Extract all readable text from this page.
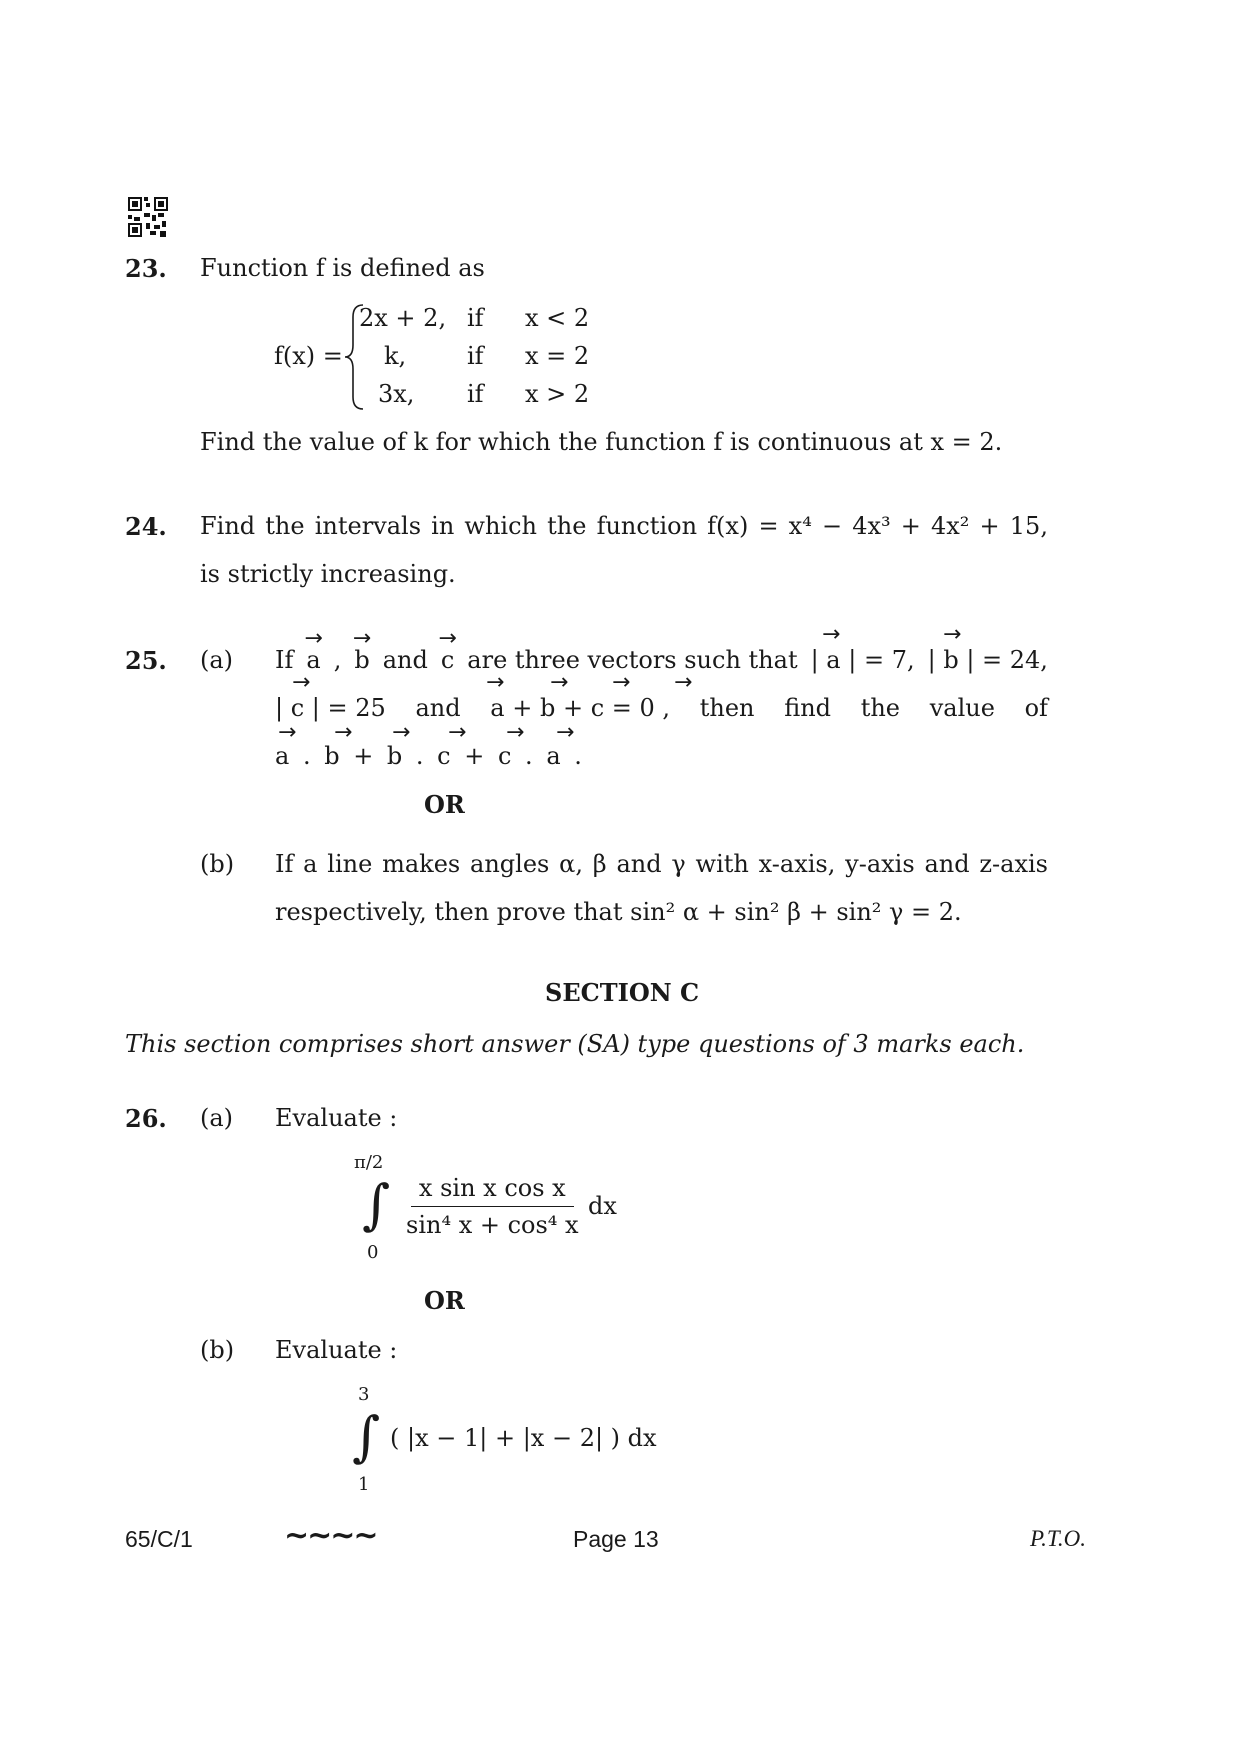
23. Function f is defined as
f(x) =
2x + 2, if x < 2
k,	if x = 2
3x, if x > 2
Find the value of k for which the function f is continuous at x = 2.
24. Find the intervals in which the function f(x) = x⁴ − 4x³ + 4x² + 15,
is strictly increasing.
25. (a) If → a , → b and → c are three vectors such that | a | = 7, | b | = 24,
→	→
| c | = 25 and a + b + c = 0 , then find the value of
→	→ → → →
a . b + b . c + c . a .
→ → → → → →
OR
(b) If a line makes angles α, β and γ with x-axis, y-axis and z-axis
respectively, then prove that sin² α + sin² β + sin² γ = 2.
SECTION C
This section comprises short answer (SA) type questions of 3 marks each.
26. (a) Evaluate :
π/2
∫
0
$\frac{\text{x sin x cos x}}{\text{sin⁴ x + cos⁴ x}}$ dx
OR
(b) Evaluate :
3
∫
1
( |x − 1| + |x − 2| ) dx
65/C/1	∼∼∼∼	Page 13	P.T.O.
